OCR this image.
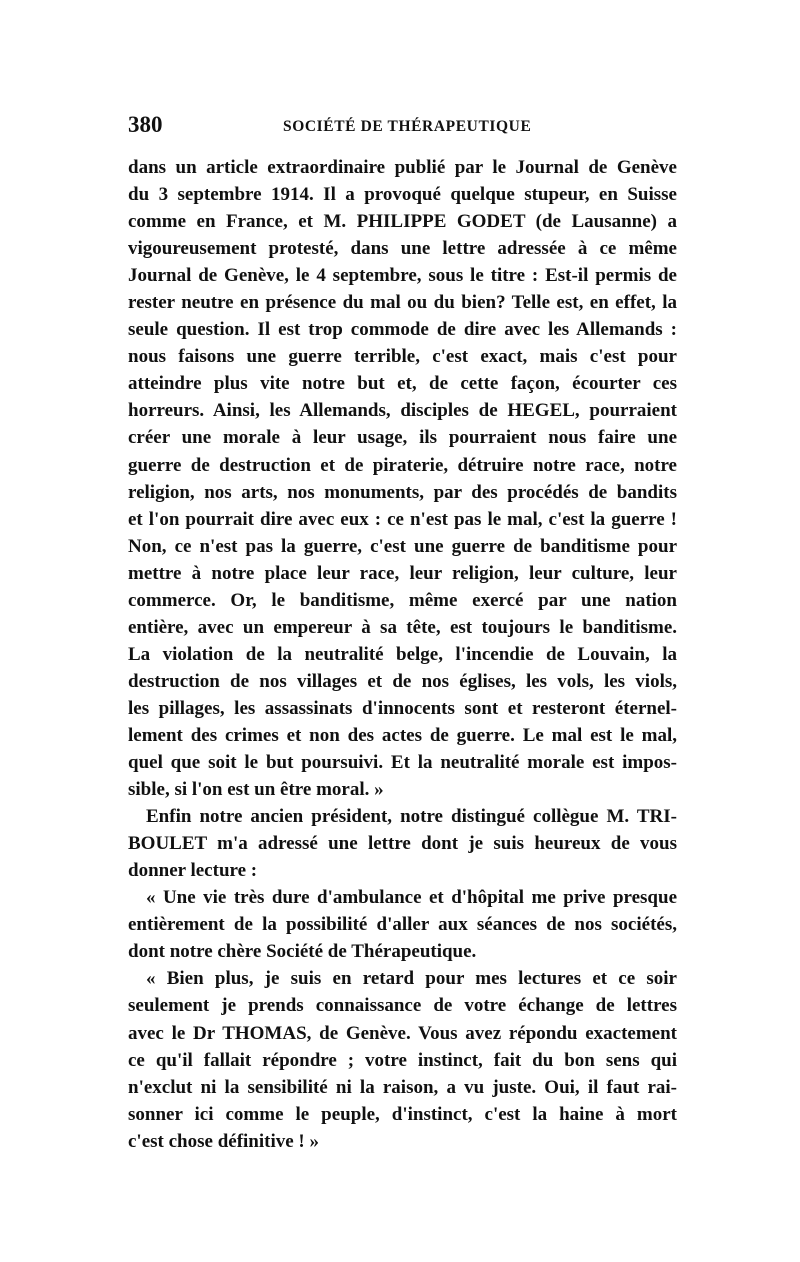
380	SOCIÉTÉ DE THÉRAPEUTIQUE
dans un article extraordinaire publié par le Journal de Genève
du 3 septembre 1914. Il a provoqué quelque stupeur, en Suisse
comme en France, et M. PHILIPPE GODET (de Lausanne) a
vigoureusement protesté, dans une lettre adressée à ce même
Journal de Genève, le 4 septembre, sous le titre : Est-il permis de
rester neutre en présence du mal ou du bien? Telle est, en effet, la
seule question. Il est trop commode de dire avec les Allemands :
nous faisons une guerre terrible, c'est exact, mais c'est pour
atteindre plus vite notre but et, de cette façon, écourter ces
horreurs. Ainsi, les Allemands, disciples de HEGEL, pourraient
créer une morale à leur usage, ils pourraient nous faire une
guerre de destruction et de piraterie, détruire notre race, notre
religion, nos arts, nos monuments, par des procédés de bandits
et l'on pourrait dire avec eux : ce n'est pas le mal, c'est la guerre !
Non, ce n'est pas la guerre, c'est une guerre de banditisme pour
mettre à notre place leur race, leur religion, leur culture, leur
commerce. Or, le banditisme, même exercé par une nation
entière, avec un empereur à sa tête, est toujours le banditisme.
La violation de la neutralité belge, l'incendie de Louvain, la
destruction de nos villages et de nos églises, les vols, les viols,
les pillages, les assassinats d'innocents sont et resteront éternel-
lement des crimes et non des actes de guerre. Le mal est le mal,
quel que soit le but poursuivi. Et la neutralité morale est impos-
sible, si l'on est un être moral. »
Enfin notre ancien président, notre distingué collègue M. TRI-
BOULET m'a adressé une lettre dont je suis heureux de vous
donner lecture :
« Une vie très dure d'ambulance et d'hôpital me prive presque
entièrement de la possibilité d'aller aux séances de nos sociétés,
dont notre chère Société de Thérapeutique.
« Bien plus, je suis en retard pour mes lectures et ce soir
seulement je prends connaissance de votre échange de lettres
avec le Dr THOMAS, de Genève. Vous avez répondu exactement
ce qu'il fallait répondre ; votre instinct, fait du bon sens qui
n'exclut ni la sensibilité ni la raison, a vu juste. Oui, il faut rai-
sonner ici comme le peuple, d'instinct, c'est la haine à mort
c'est chose définitive ! »
